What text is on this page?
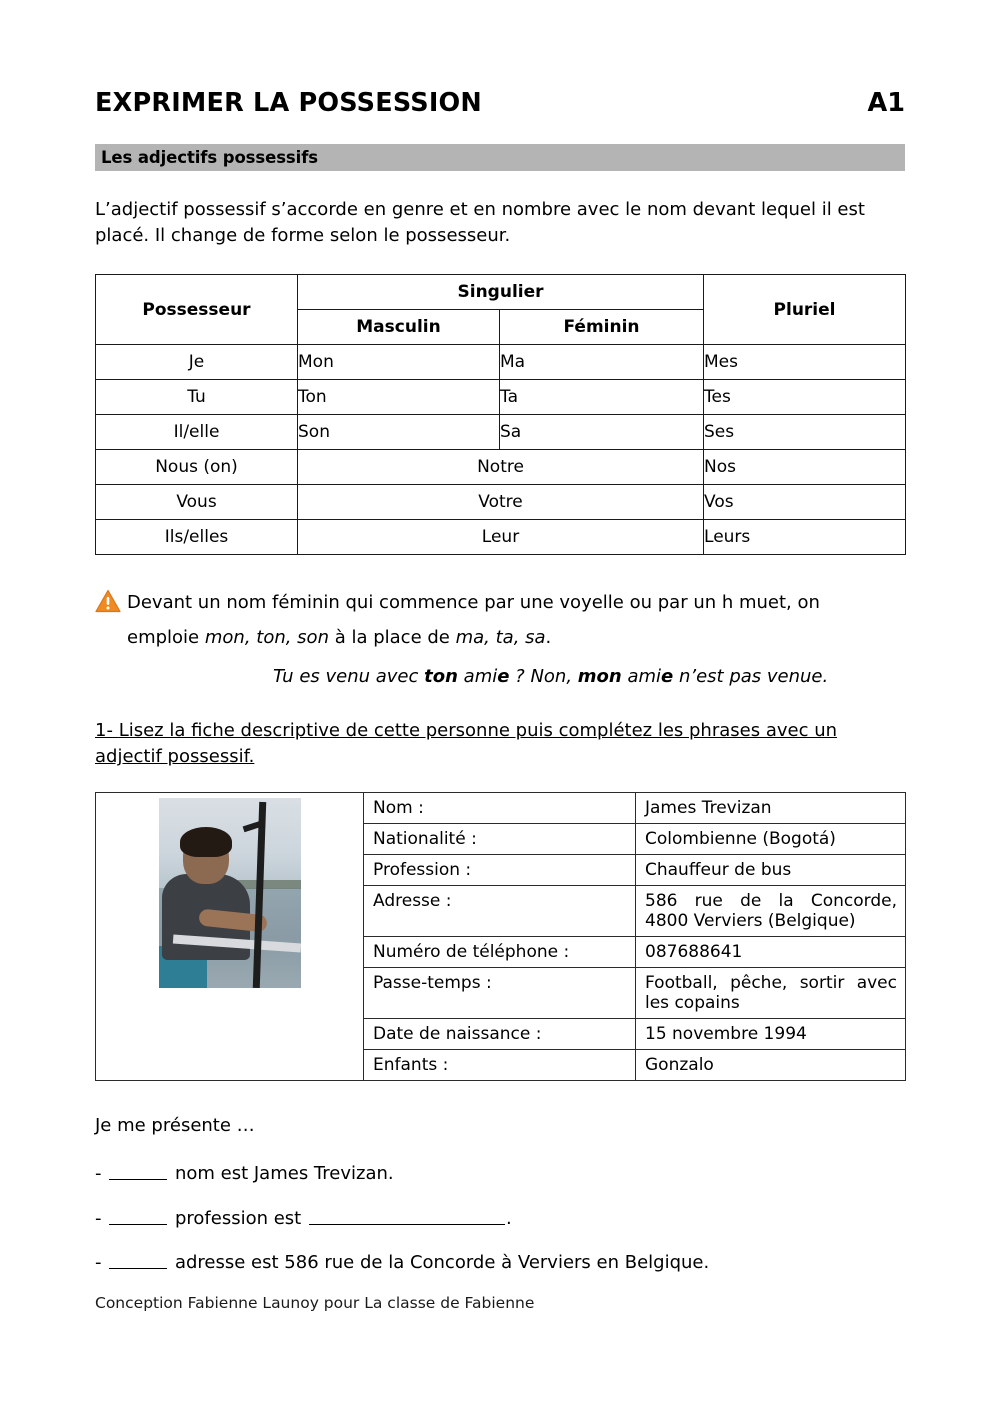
EXPRIMER LA POSSESSION	A1
Les adjectifs possessifs

L’adjectif possessif s’accorde en genre et en nombre avec le nom devant lequel il est placé. Il change de forme selon le possesseur.

Possesseur	Singulier		Pluriel
	Masculin	Féminin	
Je	Mon	Ma	Mes
Tu	Ton	Ta	Tes
Il/elle	Son	Sa	Ses
Nous (on)	Notre		Nos
Vous	Votre		Vos
Ils/elles	Leur		Leurs
Devant un nom féminin qui commence par une voyelle ou par un h muet, on
emploie mon, ton, son à la place de ma, ta, sa.
Tu es venu avec ton amie ? Non, mon amie n’est pas venue.
1- Lisez la fiche descriptive de cette personne puis complétez les phrases avec un adjectif possessif.
	Nom :	James Trevizan
	Nationalité :	Colombienne (Bogotá)
	Profession :	Chauffeur de bus
	Adresse :	586 rue de la Concorde, 4800 Verviers (Belgique)
	Numéro de téléphone :	087688641
	Passe-temps :	Football, pêche, sortir avec les copains
	Date de naissance :	15 novembre 1994
	Enfants :	Gonzalo
Je me présente …
-	nom est James Trevizan.
-	profession est	.
-	adresse est 586 rue de la Concorde à Verviers en Belgique.
Conception Fabienne Launoy pour La classe de Fabienne
